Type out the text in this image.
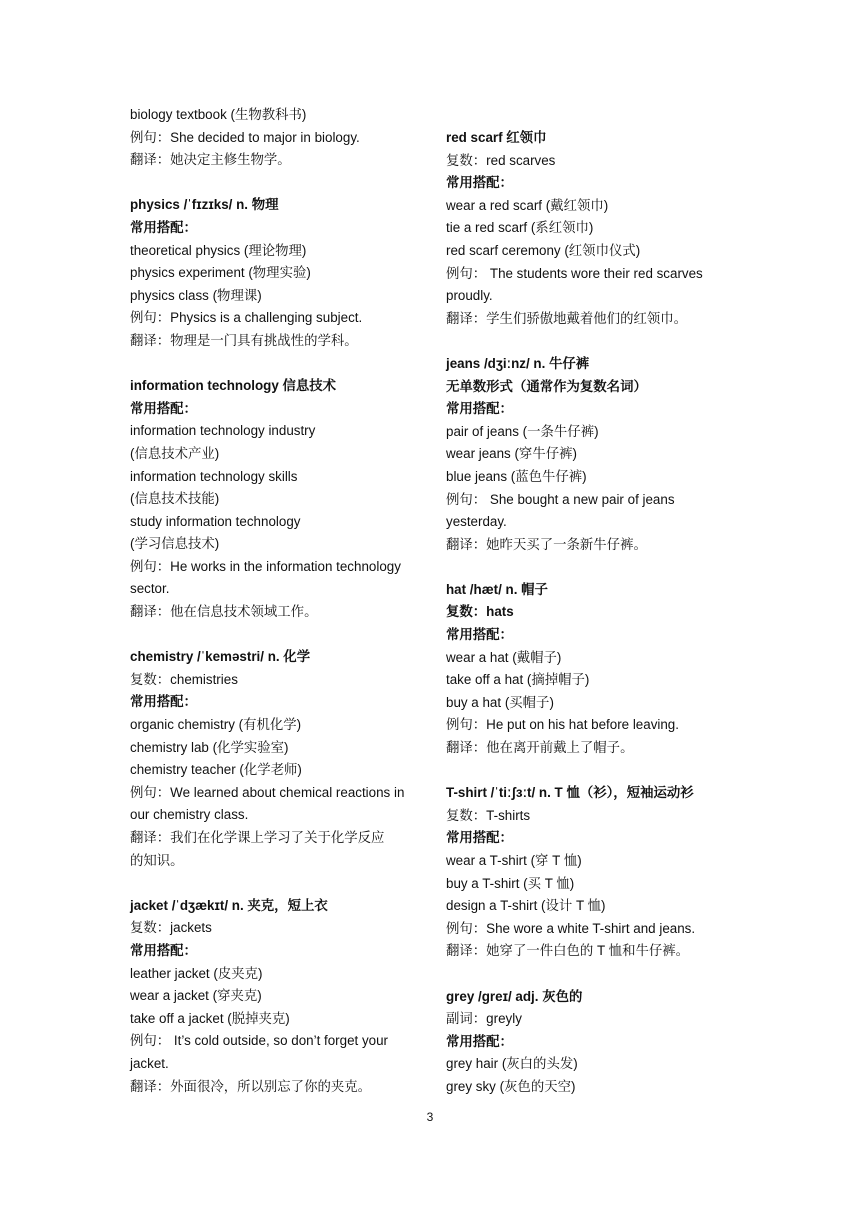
biology textbook (生物教科书)
例句：She decided to major in biology.
翻译：她决定主修生物学。
physics /ˈfɪzɪks/ n. 物理
常用搭配：
theoretical physics (理论物理)
physics experiment (物理实验)
physics class (物理课)
例句：Physics is a challenging subject.
翻译：物理是一门具有挑战性的学科。
information technology 信息技术
常用搭配：
information technology industry
(信息技术产业)
information technology skills
(信息技术技能)
study information technology
(学习信息技术)
例句：He works in the information technology
sector.
翻译：他在信息技术领域工作。
chemistry /ˈkeməstri/ n. 化学
复数：chemistries
常用搭配：
organic chemistry (有机化学)
chemistry lab (化学实验室)
chemistry teacher (化学老师)
例句：We learned about chemical reactions in
our chemistry class.
翻译：我们在化学课上学习了关于化学反应
的知识。
jacket /ˈdʒækɪt/ n. 夹克，短上衣
复数：jackets
常用搭配：
leather jacket (皮夹克)
wear a jacket (穿夹克)
take off a jacket (脱掉夹克)
例句： It’s cold outside, so don’t forget your
jacket.
翻译：外面很冷，所以别忘了你的夹克。
red scarf 红领巾
复数：red scarves
常用搭配：
wear a red scarf (戴红领巾)
tie a red scarf (系红领巾)
red scarf ceremony (红领巾仪式)
例句： The students wore their red scarves
proudly.
翻译：学生们骄傲地戴着他们的红领巾。
jeans /dʒiːnz/ n. 牛仔裤
无单数形式（通常作为复数名词）
常用搭配：
pair of jeans (一条牛仔裤)
wear jeans (穿牛仔裤)
blue jeans (蓝色牛仔裤)
例句： She bought a new pair of jeans
yesterday.
翻译：她昨天买了一条新牛仔裤。
hat /hæt/ n. 帽子
复数：hats
常用搭配：
wear a hat (戴帽子)
take off a hat (摘掉帽子)
buy a hat (买帽子)
例句：He put on his hat before leaving.
翻译：他在离开前戴上了帽子。
T-shirt /ˈtiːʃɜːt/ n. T 恤（衫），短袖运动衫
复数：T-shirts
常用搭配：
wear a T-shirt (穿 T 恤)
buy a T-shirt (买 T 恤)
design a T-shirt (设计 T 恤)
例句：She wore a white T-shirt and jeans.
翻译：她穿了一件白色的 T 恤和牛仔裤。
grey /greɪ/ adj. 灰色的
副词：greyly
常用搭配：
grey hair (灰白的头发)
grey sky (灰色的天空)
3
